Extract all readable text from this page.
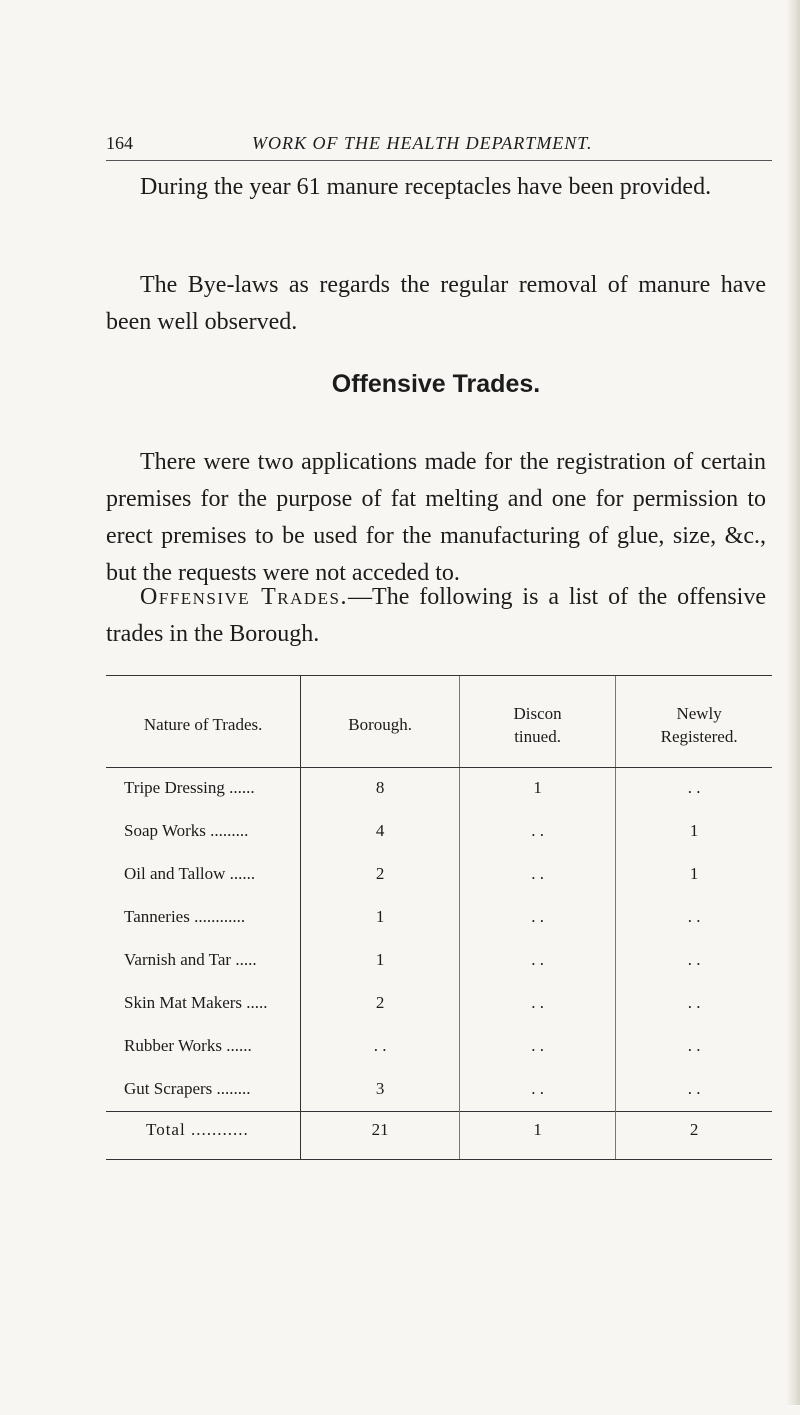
164	WORK OF THE HEALTH DEPARTMENT.

During the year 61 manure receptacles have been provided.

The Bye-laws as regards the regular removal of manure have been well observed.

Offensive Trades.

There were two applications made for the registration of certain premises for the purpose of fat melting and one for permission to erect premises to be used for the manufacturing of glue, size, &c., but the requests were not acceded to.

Offensive Trades.—The following is a list of the offensive trades in the Borough.

Nature of Trades.	Borough.	Discon tinued.	Newly Registered.
Tripe Dressing ......	8	1	. .
Soap Works .........	4	. .	1
Oil and Tallow ......	2	. .	1
Tanneries ............	1	. .	. .
Varnish and Tar .....	1	. .	. .
Skin Mat Makers .....	2	. .	. .
Rubber Works ......	. .	. .	. .
Gut Scrapers ........	3	. .	. .
Total ...........	21	1	2
